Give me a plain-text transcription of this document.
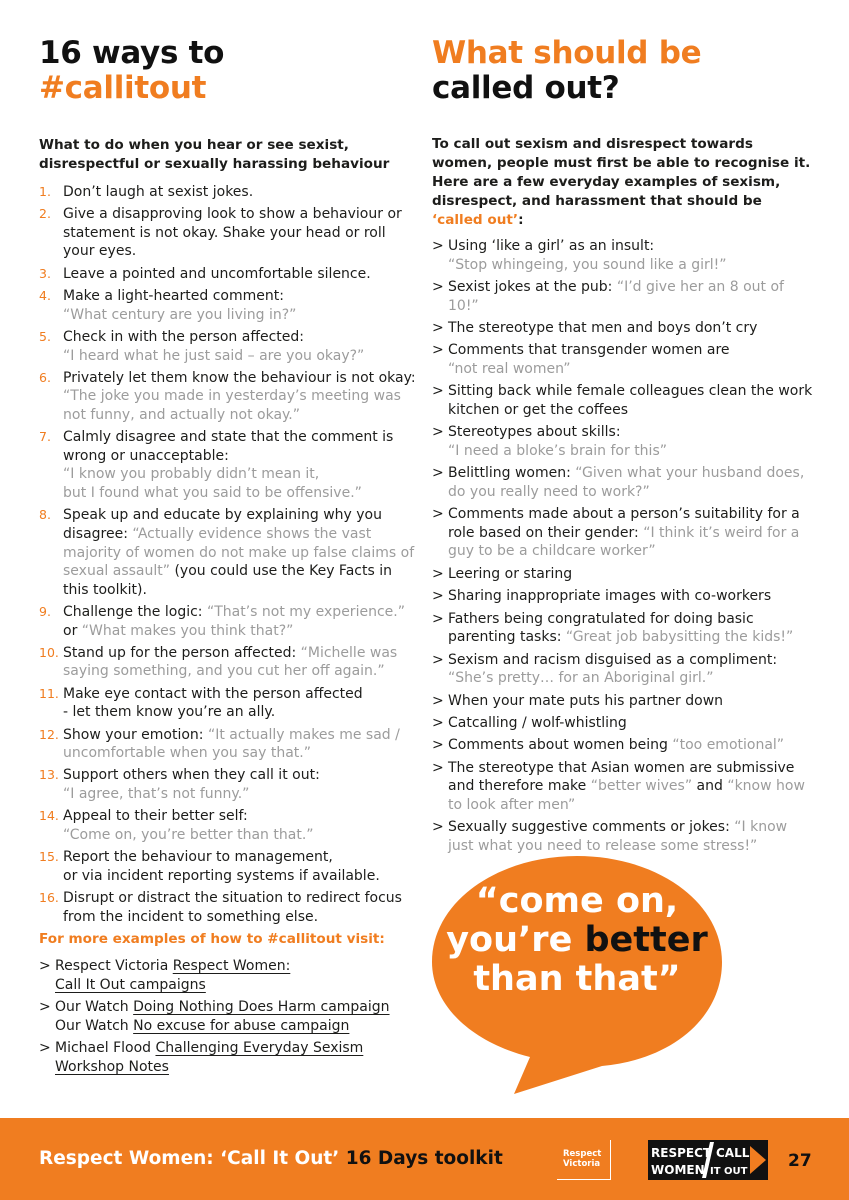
16 ways to
#callitout

What to do when you hear or see sexist, disrespectful or sexually harassing behaviour

1. Don’t laugh at sexist jokes.
2. Give a disapproving look to show a behaviour or statement is not okay. Shake your head or roll your eyes.
3. Leave a pointed and uncomfortable silence.
4. Make a light-hearted comment:
“What century are you living in?”
5. Check in with the person affected:
“I heard what he just said – are you okay?”
6. Privately let them know the behaviour is not okay: “The joke you made in yesterday’s meeting was not funny, and actually not okay.”
7. Calmly disagree and state that the comment is wrong or unacceptable:
“I know you probably didn’t mean it,
but I found what you said to be offensive.”
8. Speak up and educate by explaining why you disagree: “Actually evidence shows the vast majority of women do not make up false claims of sexual assault” (you could use the Key Facts in this toolkit).
9. Challenge the logic: “That’s not my experience.”
or “What makes you think that?”
10. Stand up for the person affected: “Michelle was saying something, and you cut her off again.”
11. Make eye contact with the person affected
- let them know you’re an ally.
12. Show your emotion: “It actually makes me sad / uncomfortable when you say that.”
13. Support others when they call it out:
“I agree, that’s not funny.”
14. Appeal to their better self:
“Come on, you’re better than that.”
15. Report the behaviour to management,
or via incident reporting systems if available.
16. Disrupt or distract the situation to redirect focus from the incident to something else.

For more examples of how to #callitout visit:

> Respect Victoria Respect Women:
Call It Out campaigns
> Our Watch Doing Nothing Does Harm campaign
Our Watch No excuse for abuse campaign
> Michael Flood Challenging Everyday Sexism
Workshop Notes
What should be
called out?

To call out sexism and disrespect towards women, people must first be able to recognise it. Here are a few everyday examples of sexism, disrespect, and harassment that should be ‘called out’:

> Using ‘like a girl’ as an insult:
“Stop whingeing, you sound like a girl!”
> Sexist jokes at the pub: “I’d give her an 8 out of 10!”
> The stereotype that men and boys don’t cry
> Comments that transgender women are
“not real women”
> Sitting back while female colleagues clean the work kitchen or get the coffees
> Stereotypes about skills:
“I need a bloke’s brain for this”
> Belittling women: “Given what your husband does, do you really need to work?”
> Comments made about a person’s suitability for a role based on their gender: “I think it’s weird for a guy to be a childcare worker”
> Leering or staring
> Sharing inappropriate images with co-workers
> Fathers being congratulated for doing basic parenting tasks: “Great job babysitting the kids!”
> Sexism and racism disguised as a compliment:
“She’s pretty… for an Aboriginal girl.”
> When your mate puts his partner down
> Catcalling / wolf-whistling
> Comments about women being “too emotional”
> The stereotype that Asian women are submissive and therefore make “better wives” and “know how to look after men”
> Sexually suggestive comments or jokes: “I know just what you need to release some stress!”
“come on,
you’re better
than that”
Respect Women: ‘Call It Out’ 16 Days toolkit	Respect
Victoria
RESPECT
WOMEN
CALL
IT OUT
27
